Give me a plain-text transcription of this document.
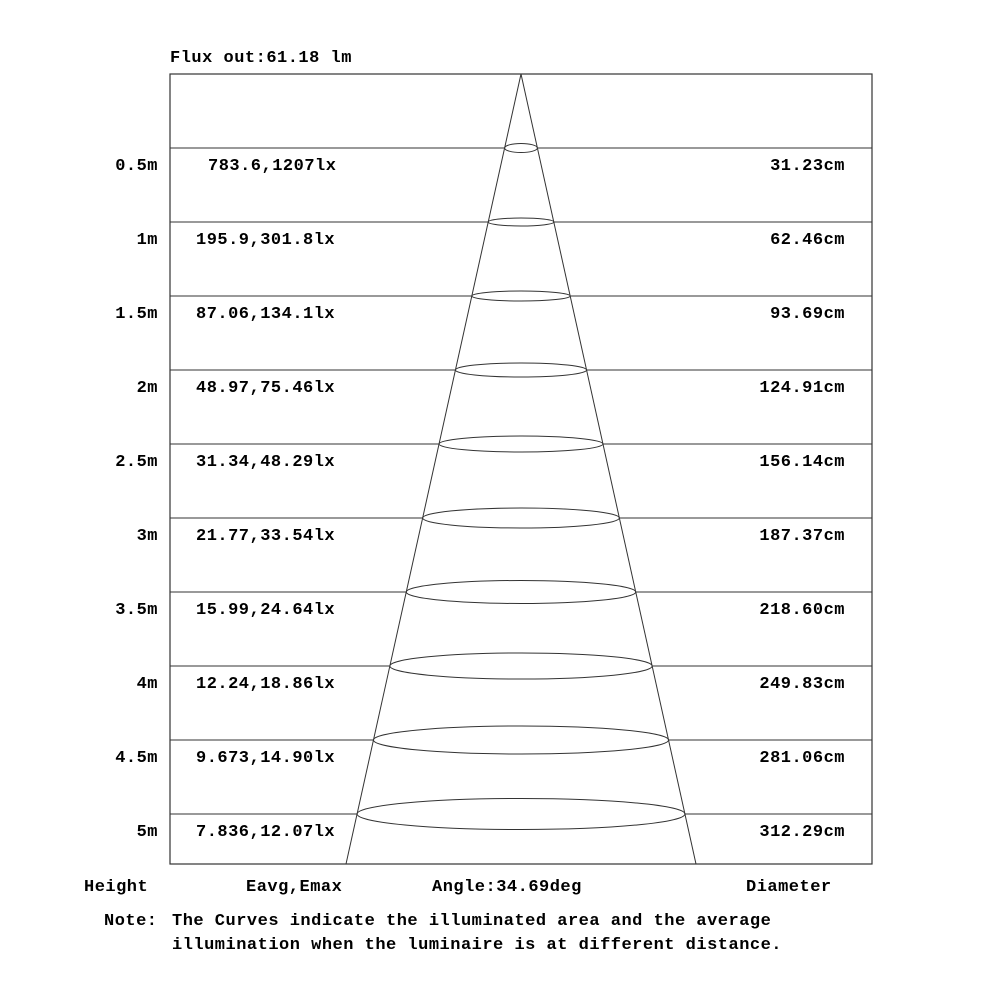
Flux out:61.18 lm
0.5m	783.6,1207lx	31.23cm
1m 195.9,301.8lx	62.46cm
1.5m 87.06,134.1lx	93.69cm
2m 48.97,75.46lx	124.91cm
2.5m 31.34,48.29lx	156.14cm
3m 21.77,33.54lx	187.37cm
3.5m 15.99,24.64lx	218.60cm
4m 12.24,18.86lx	249.83cm
4.5m 9.673,14.90lx	281.06cm
5m 7.836,12.07lx	312.29cm
Height	Eavg,Emax	Angle:34.69deg	Diameter
Note: The Curves indicate the illuminated area and the average
illumination when the luminaire is at different distance.
